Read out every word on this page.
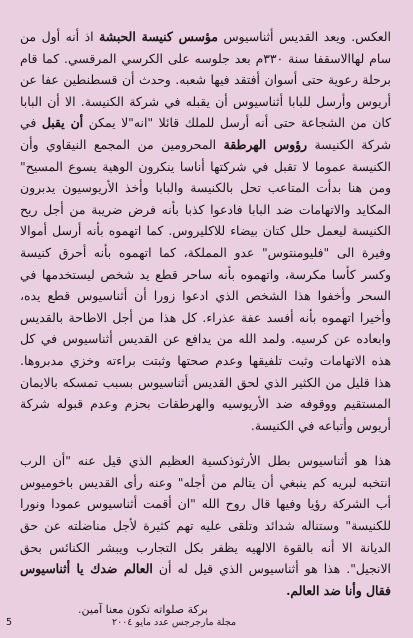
العكس. ويعد القديس أثناسيوس مؤسس كنيسة الحبشة اذ أنه أول من سام لهاالاسقفا سنة ٣٣٠م بعد جلوسه على الكرسي المرقسي. كما قام برحلة رعوية حتى أسوان أفتقد فيها شعبه. وحدث أن قسطنطين عفا عن أريوس وأرسل للبابا أثناسيوس أن يقبله في شركة الكنيسة. الا أن البابا كان من الشجاعة حتى أنه أرسل للملك قائلا "انه"لا يمكن أن يقبل في شركة الكنيسة رؤوس الهرطقة المحرومين من المجمع النيقاوي وأن الكنيسة عموما لا تقبل في شركتها أناسا ينكرون الوهية يسوع المسيح" ومن هنا بدأت المتاعب تحل بالكنيسة والبابا وأخذ الأريوسيون يدبرون المكايد والاتهامات ضد البابا فادعوا كذبا بأنه فرض ضريبة من أجل ريح الكنيسة ليعمل حلل كتان بيضاء للاكليروس. كما اتهموه بأنه أرسل أموالا وفيرة الى "فليومنتوس" عدو المملكة، كما اتهموه بأنه أحرق كنيسة وكسر كأسا مكرسة، واتهموه بأنه ساحر قطع يد شخص ليستخدمها في السحر وأخفوا هذا الشخص الذي ادعوا زورا أن أثناسيوس قطع يده، وأخيرا اتهموه بأنه أفسد عفة عذراء. كل هذا من أجل الاطاحة بالقديس وابعاده عن كرسيه. ولمد الله من يدافع عن القديس أثناسيوس في كل هذه الاتهامات وثبت تلفيقها وعدم صحتها وثبتت براءته وخزي مدبروها. هذا قليل من الكثير الذي لحق القديس أثناسيوس بسبب تمسكه بالايمان المستقيم ووقوفه ضد الأريوسيه والهرطقات بحزم وعدم قبوله شركة أريوس وأتباعه في الكنيسة.

هذا هو أثناسيوس بطل الأرثوذكسية العظيم الذي قيل عنه "أن الرب انتخبه لبريه كم ينبغي أن يتالم من أجله" وعنه رأى القديس باخوميوس أب الشركة رؤيا وفيها قال روح الله "ان أقمت أثناسيوس عمودا ونورا للكنيسة" وستناله شدائد وتلقى عليه تهم كثيرة لأجل مناضلته عن حق الديانة الا أنه بالقوة الالهيه يظفر بكل التجارب ويبشر الكنائس بحق الانجيل". هذا هو أثناسيوس الذي قيل له أن العالم ضدك يا أثناسيوس فقال وأنا ضد العالم.

بركة صلواته تكون معنا آمين.
5	مجلة مارجرجس عدد مايو ٢٠٠٤
